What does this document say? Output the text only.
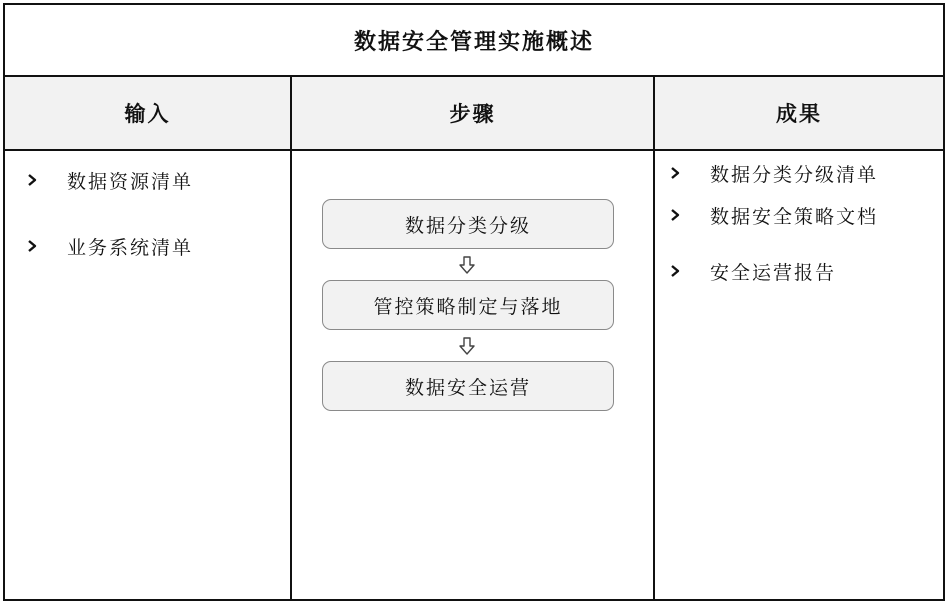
数据安全管理实施概述
输入	步骤	成果
数据资源清单
业务系统清单
数据分类分级
管控策略制定与落地
数据安全运营
数据分类分级清单
数据安全策略文档
安全运营报告
